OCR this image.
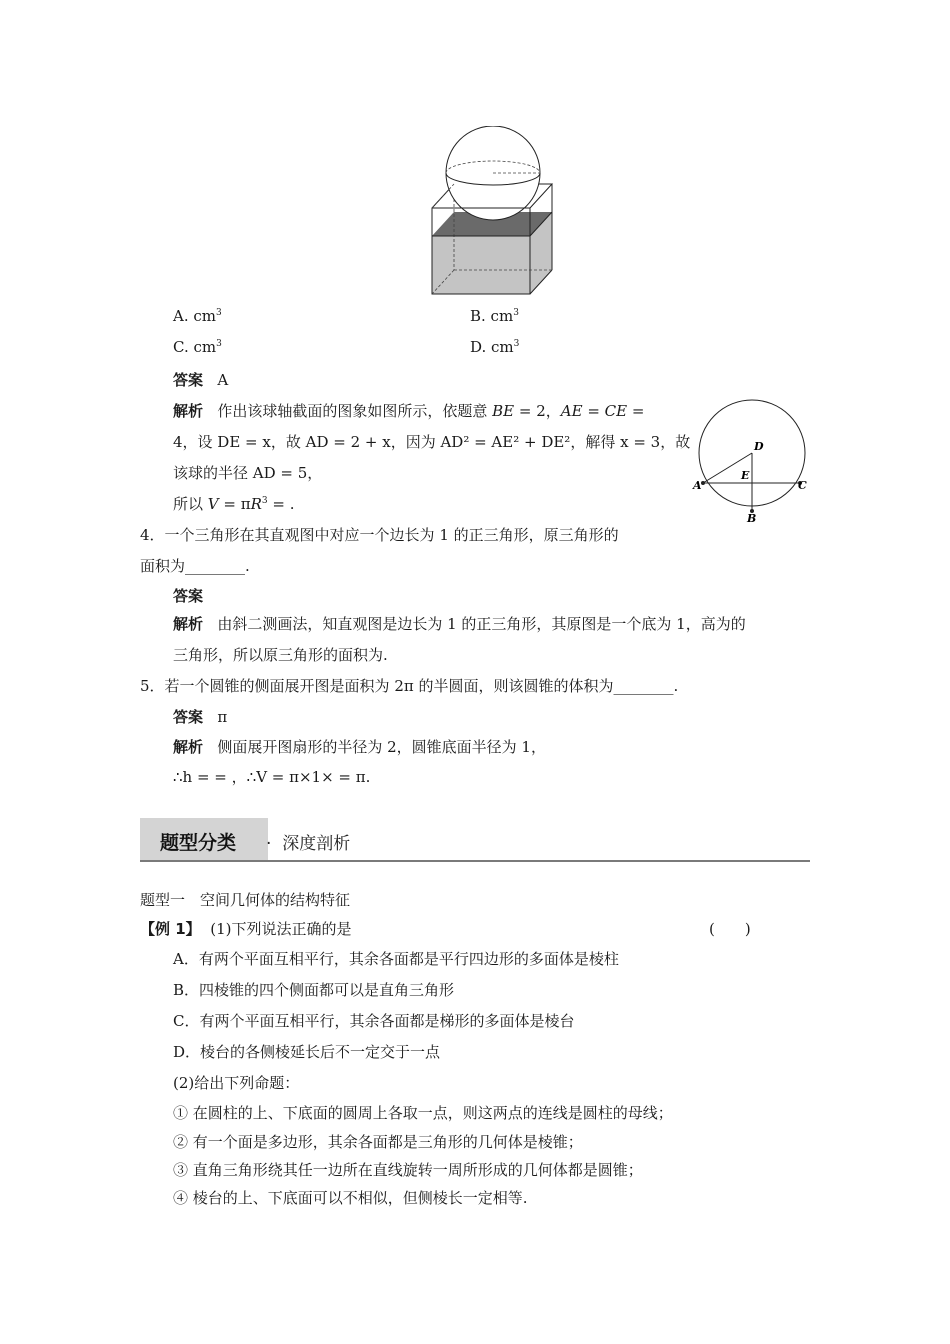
A. $cm^3$	B. $cm^3$
C. $cm^3$	D. $cm^3$
答案 A
解析 作出该球轴截面的图象如图所示，依题意 BE = 2，AE = CE =
4，设 DE = x，故 AD = 2 + x，因为 AD² = AE² + DE²，解得 x = 3，故
该球的半径 AD = 5，
所以 $V = \pi R^3$ = .
D
E
A	C
B
4．一个三角形在其直观图中对应一个边长为 1 的正三角形，原三角形的
面积为________.
答案
解析 由斜二测画法，知直观图是边长为 1 的正三角形，其原图是一个底为 1，高为的
三角形，所以原三角形的面积为.
5．若一个圆锥的侧面展开图是面积为 2π 的半圆面，则该圆锥的体积为________.
答案 π
解析 侧面展开图扇形的半径为 2，圆锥底面半径为 1，
∴h = = ，∴V = π×1× = π.
题型分类 · 深度剖析
题型一　空间几何体的结构特征
【例 1】 (1)下列说法正确的是	(　　)
A．有两个平面互相平行，其余各面都是平行四边形的多面体是棱柱
B．四棱锥的四个侧面都可以是直角三角形
C．有两个平面互相平行，其余各面都是梯形的多面体是棱台
D．棱台的各侧棱延长后不一定交于一点
(2)给出下列命题：
① 在圆柱的上、下底面的圆周上各取一点，则这两点的连线是圆柱的母线；
② 有一个面是多边形，其余各面都是三角形的几何体是棱锥；
③ 直角三角形绕其任一边所在直线旋转一周所形成的几何体都是圆锥；
④ 棱台的上、下底面可以不相似，但侧棱长一定相等.
